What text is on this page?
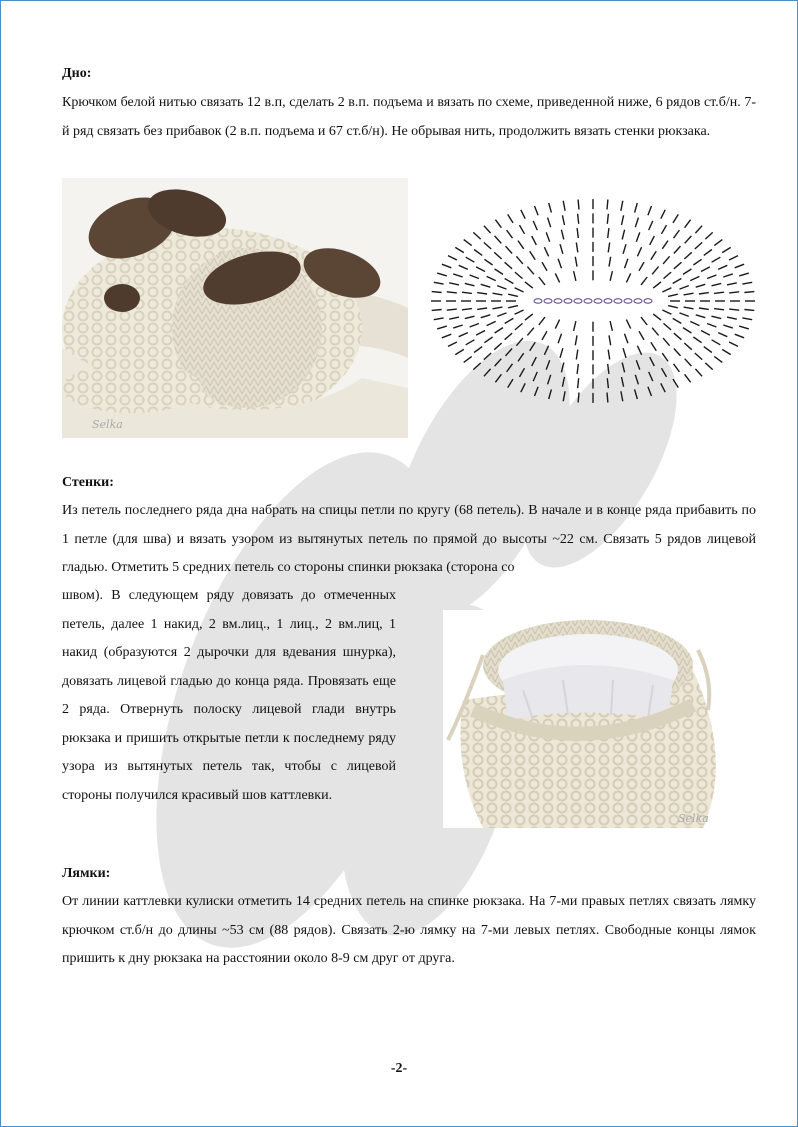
Дно:

Крючком белой нитью связать 12 в.п, сделать 2 в.п. подъема и вязать по схеме, приведенной ниже, 6 рядов ст.б/н. 7-й ряд связать без прибавок (2 в.п. подъема и 67 ст.б/н). Не обрывая нить, продолжить вязать стенки рюкзака.

Selka
Стенки:

Из петель последнего ряда дна набрать на спицы петли по кругу (68 петель). В начале и в конце ряда прибавить по 1 петле (для шва) и вязать узором из вытянутых петель по прямой до высоты ~22 см. Связать 5 рядов лицевой гладью. Отметить 5 средних петель со стороны спинки рюкзака (сторона со

швом). В следующем ряду довязать до отмеченных петель, далее 1 накид, 2 вм.лиц., 1 лиц., 2 вм.лиц, 1 накид (образуются 2 дырочки для вдевания шнурка), довязать лицевой гладью до конца ряда. Провязать еще 2 ряда. Отвернуть полоску лицевой глади внутрь рюкзака и пришить открытые петли к последнему ряду узора из вытянутых петель так, чтобы с лицевой стороны получился красивый шов каттлевки.

Selka
Лямки:

От линии каттлевки кулиски отметить 14 средних петель на спинке рюкзака. На 7-ми правых петлях связать лямку крючком ст.б/н до длины ~53 см (88 рядов). Связать 2-ю лямку на 7-ми левых петлях. Свободные концы лямок пришить к дну рюкзака на расстоянии около 8-9 см друг от друга.

-2-
